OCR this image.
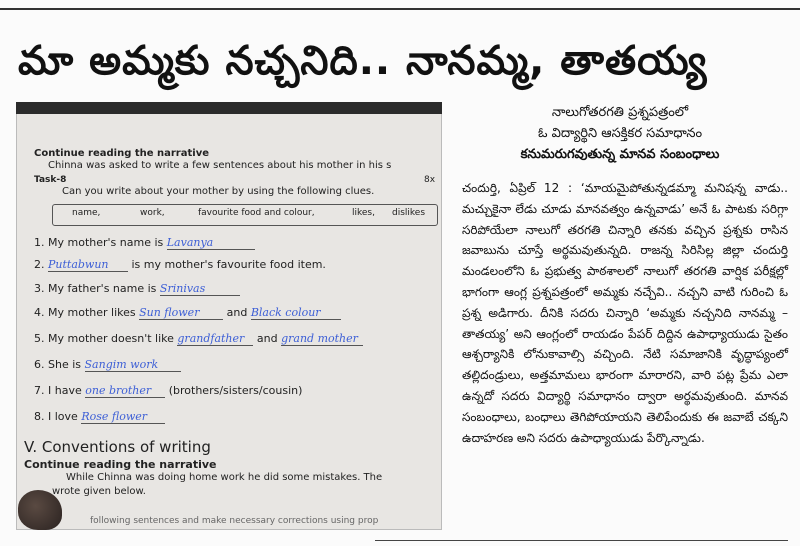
మా అమ్మకు నచ్చనిది.. నానమ్మ, తాతయ్య
Continue reading the narrative
Chinna was asked to write a few sentences about his mother in his s
Task-8	8x
Can you write about your mother by using the following clues.
name,	work,	favourite food and colour,	likes, dislikes
1. My mother's name is Lavanya
2. Puttabwun is my mother's favourite food item.
3. My father's name is Srinivas
4. My mother likes Sun flower and Black colour
5. My mother doesn't like grandfather and grand mother
6. She is Sangim work
7. I have one brother (brothers/sisters/cousin)
8. I love Rose flower
V. Conventions of writing
Continue reading the narrative
While Chinna was doing home work he did some mistakes. The
wrote given below.
following sentences and make necessary corrections using prop
నాలుగోతరగతి ప్రశ్నపత్రంలో
ఓ విద్యార్థిని ఆసక్తికర సమాధానం
కనుమరుగవుతున్న మానవ సంబంధాలు
చందుర్తి, ఏప్రిల్‌ 12 : ‘మాయమైపోతున్నడమ్మా మనిషన్న వాడు.. మచ్చుకైనా లేడు చూడు మానవత్వం ఉన్నవాడు’ అనే ఓ పాటకు సరిగ్గా సరిపోయేలా నాలుగో తరగతి చిన్నారి తనకు వచ్చిన ప్రశ్నకు రాసిన జవాబును చూస్తే అర్థమవుతున్నది. రాజన్న సిరిసిల్ల జిల్లా చందుర్తి మండలంలోని ఓ ప్రభుత్వ పాఠశాలలో నాలుగో తరగతి వార్షిక పరీక్షల్లో భాగంగా ఆంగ్ల ప్రశ్నపత్రంలో అమ్మకు నచ్చేవి.. నచ్చని వాటి గురించి ఓ ప్రశ్న అడిగారు. దీనికి సదరు చిన్నారి ‘అమ్మకు నచ్చనిది నానమ్మ – తాతయ్య’ అని ఆంగ్లంలో రాయడం పేపర్‌ దిద్దిన ఉపాధ్యాయుడు సైతం ఆశ్చర్యానికి లోనుకావాల్సి వచ్చింది. నేటి సమాజానికి వృద్ధాప్యంలో తల్లిదండ్రులు, అత్తమామలు భారంగా మారారని, వారి పట్ల ప్రేమ ఎలా ఉన్నదో సదరు విద్యార్థి సమాధానం ద్వారా అర్థమవుతుంది. మానవ సంబంధాలు, బంధాలు తెగిపోయాయని తెలిపేందుకు ఈ జవాబే చక్కని ఉదాహరణ అని సదరు ఉపాధ్యాయుడు పేర్కొన్నాడు.
